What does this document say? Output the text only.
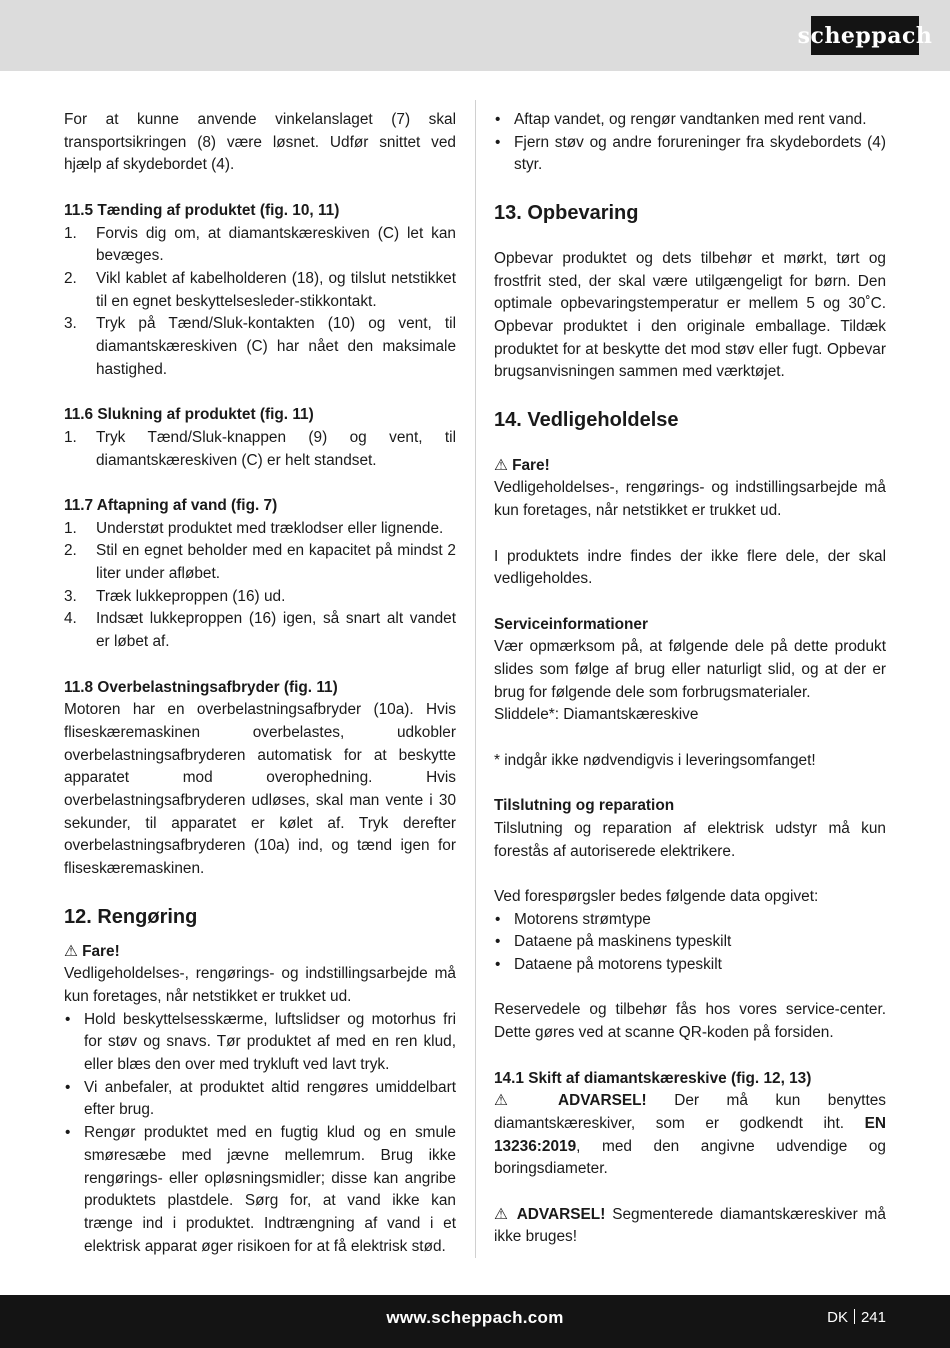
scheppach

For at kunne anvende vinkelanslaget (7) skal transportsikringen (8) være løsnet. Udfør snittet ved hjælp af skydebordet (4).

11.5 Tænding af produktet (fig. 10, 11)
1. Forvis dig om, at diamantskæreskiven (C) let kan bevæges.
2. Vikl kablet af kabelholderen (18), og tilslut netstikket til en egnet beskyttelsesleder-stikkontakt.
3. Tryk på Tænd/Sluk-kontakten (10) og vent, til diamantskæreskiven (C) har nået den maksimale hastighed.
11.6 Slukning af produktet (fig. 11)
1. Tryk Tænd/Sluk-knappen (9) og vent, til diamantskæreskiven (C) er helt standset.
11.7 Aftapning af vand (fig. 7)
1. Understøt produktet med træklodser eller lignende.
2. Stil en egnet beholder med en kapacitet på mindst 2 liter under afløbet.
3. Træk lukkeproppen (16) ud.
4. Indsæt lukkeproppen (16) igen, så snart alt vandet er løbet af.
11.8 Overbelastningsafbryder (fig. 11)

Motoren har en overbelastningsafbryder (10a). Hvis fliseskæremaskinen overbelastes, udkobler overbelastningsafbryderen automatisk for at beskytte apparatet mod overophedning. Hvis overbelastningsafbryderen udløses, skal man vente i 30 sekunder, til apparatet er kølet af. Tryk derefter overbelastningsafbryderen (10a) ind, og tænd igen for fliseskæremaskinen.

12. Rengøring
⚠ Fare!

Vedligeholdelses-, rengørings- og indstillingsarbejde må kun foretages, når netstikket er trukket ud.

• Hold beskyttelsesskærme, luftslidser og motorhus fri for støv og snavs. Tør produktet af med en ren klud, eller blæs den over med trykluft ved lavt tryk.
• Vi anbefaler, at produktet altid rengøres umiddelbart efter brug.
• Rengør produktet med en fugtig klud og en smule smøresæbe med jævne mellemrum. Brug ikke rengørings- eller opløsningsmidler; disse kan angribe produktets plastdele. Sørg for, at vand ikke kan trænge ind i produktet. Indtrængning af vand i et elektrisk apparat øger risikoen for at få elektrisk stød.
• Aftap vandet, og rengør vandtanken med rent vand.
• Fjern støv og andre forureninger fra skydebordets (4) styr.
13. Opbevaring

Opbevar produktet og dets tilbehør et mørkt, tørt og frostfrit sted, der skal være utilgængeligt for børn. Den optimale opbevaringstemperatur er mellem 5 og 30˚C. Opbevar produktet i den originale emballage. Tildæk produktet for at beskytte det mod støv eller fugt. Opbevar brugsanvisningen sammen med værktøjet.

14. Vedligeholdelse
⚠ Fare!

Vedligeholdelses-, rengørings- og indstillingsarbejde må kun foretages, når netstikket er trukket ud.

I produktets indre findes der ikke flere dele, der skal vedligeholdes.

Serviceinformationer

Vær opmærksom på, at følgende dele på dette produkt slides som følge af brug eller naturligt slid, og at der er brug for følgende dele som forbrugsmaterialer.

Sliddele*: Diamantskæreskive

* indgår ikke nødvendigvis i leveringsomfanget!

Tilslutning og reparation

Tilslutning og reparation af elektrisk udstyr må kun forestås af autoriserede elektrikere.

Ved forespørgsler bedes følgende data opgivet:

• Motorens strømtype
• Dataene på maskinens typeskilt
• Dataene på motorens typeskilt

Reservedele og tilbehør fås hos vores service-center. Dette gøres ved at scanne QR-koden på forsiden.

14.1 Skift af diamantskæreskive (fig. 12, 13)

⚠ ADVARSEL! Der må kun benyttes diamantskæreskiver, som er godkendt iht. EN 13236:2019, med den angivne udvendige og boringsdiameter.

⚠ ADVARSEL! Segmenterede diamantskæreskiver må ikke bruges!

www.scheppach.com	DK 241
